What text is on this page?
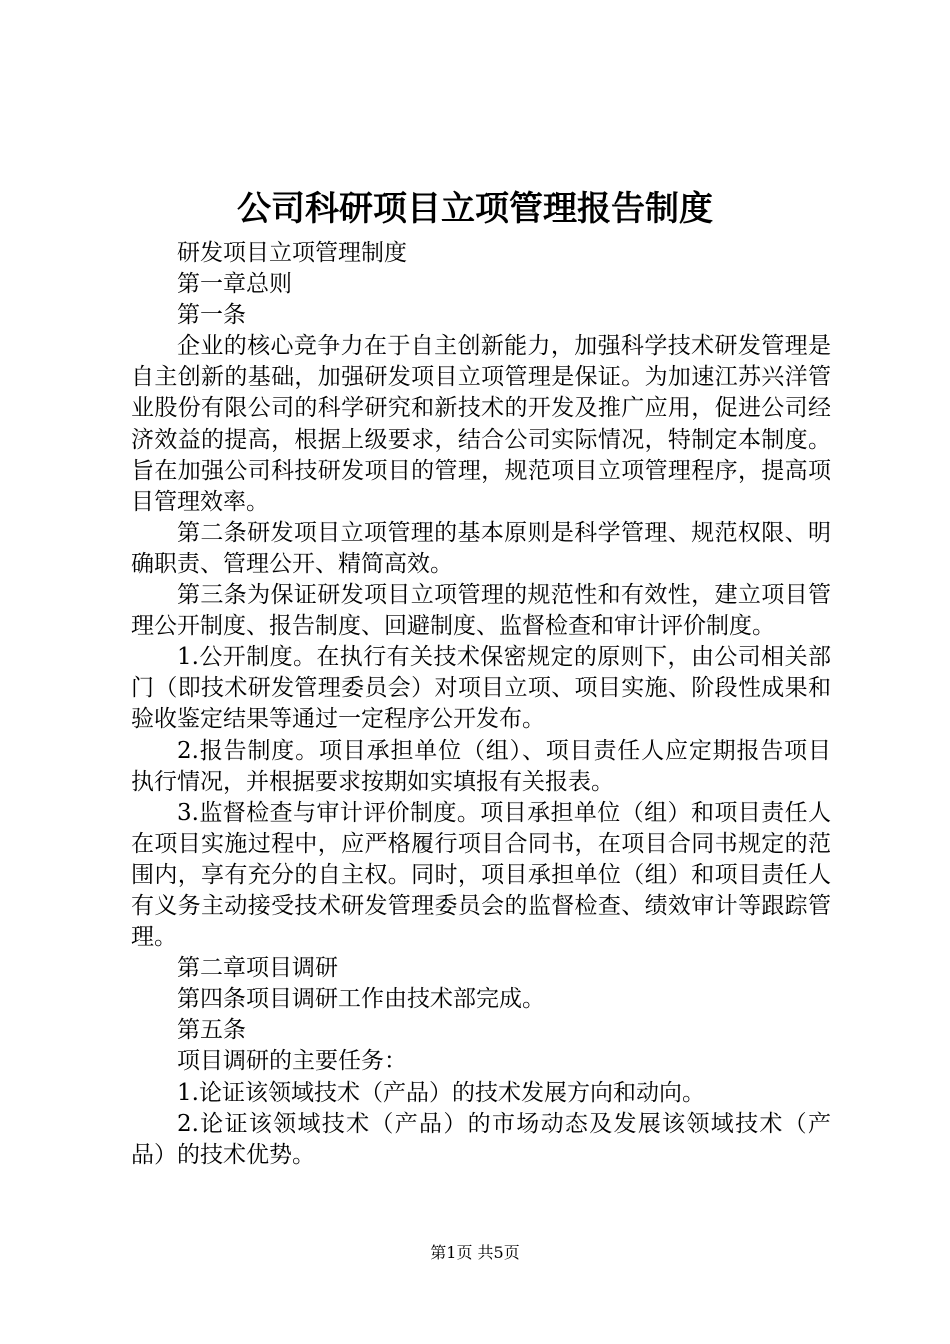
公司科研项目立项管理报告制度

研发项目立项管理制度

第一章总则

第一条

企业的核心竞争力在于自主创新能力，加强科学技术研发管理是自主创新的基础，加强研发项目立项管理是保证。为加速江苏兴洋管业股份有限公司的科学研究和新技术的开发及推广应用，促进公司经济效益的提高，根据上级要求，结合公司实际情况，特制定本制度。旨在加强公司科技研发项目的管理，规范项目立项管理程序，提高项目管理效率。

第二条研发项目立项管理的基本原则是科学管理、规范权限、明确职责、管理公开、精简高效。

第三条为保证研发项目立项管理的规范性和有效性，建立项目管理公开制度、报告制度、回避制度、监督检查和审计评价制度。

1.公开制度。在执行有关技术保密规定的原则下，由公司相关部门（即技术研发管理委员会）对项目立项、项目实施、阶段性成果和验收鉴定结果等通过一定程序公开发布。

2.报告制度。项目承担单位（组）、项目责任人应定期报告项目执行情况，并根据要求按期如实填报有关报表。

3.监督检查与审计评价制度。项目承担单位（组）和项目责任人在项目实施过程中，应严格履行项目合同书，在项目合同书规定的范围内，享有充分的自主权。同时，项目承担单位（组）和项目责任人有义务主动接受技术研发管理委员会的监督检查、绩效审计等跟踪管理。

第二章项目调研

第四条项目调研工作由技术部完成。

第五条

项目调研的主要任务：

1.论证该领域技术（产品）的技术发展方向和动向。

2.论证该领域技术（产品）的市场动态及发展该领域技术（产品）的技术优势。

第1页 共5页
